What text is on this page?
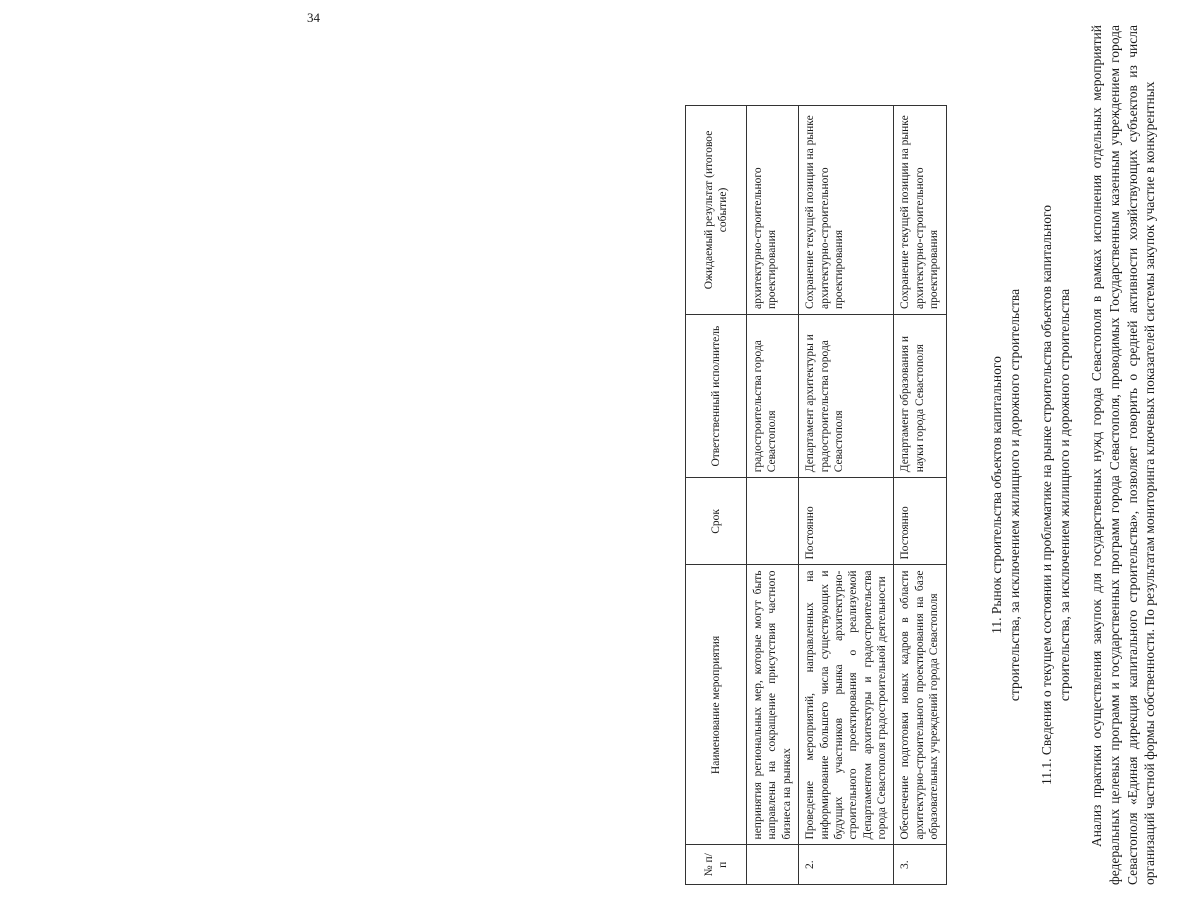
34
№ п/п	Наименование мероприятия	Срок	Ответственный исполнитель	Ожидаемый результат (итоговое событие)
	непринятия региональных мер, которые могут быть направлены на сокращение присутствия частного бизнеса на рынках		градостроительства города Севастополя	архитектурно-строительного проектирования
2.	Проведение мероприятий, направленных на информирование большего числа существующих и будущих участников рынка архитектурно-строительного проектирования о реализуемой Департаментом архитектуры и градостроительства города Севастополя градостроительной деятельности	Постоянно	Департамент архитектуры и градостроительства города Севастополя	Сохранение текущей позиции на рынке архитектурно-строительного проектирования
3.	Обеспечение подготовки новых кадров в области архитектурно-строительного проектирования на базе образовательных учреждений города Севастополя	Постоянно	Департамент образования и науки города Севастополя	Сохранение текущей позиции на рынке архитектурно-строительного проектирования
11. Рынок строительства объектов капитального строительства, за исключением жилищного и дорожного строительства 11.1. Сведения о текущем состоянии и проблематике на рынке строительства объектов капитального строительства, за исключением жилищного и дорожного строительства Анализ практики осуществления закупок для государственных нужд города Севастополя в рамках исполнения отдельных мероприятий федеральных целевых программ и государственных программ города Севастополя, проводимых Государственным казенным учреждением города Севастополя «Единая дирекция капитального строительства», позволяет говорить о средней активности хозяйствующих субъектов из числа организаций частной формы собственности. По результатам мониторинга ключевых показателей системы закупок участие в конкурентных
